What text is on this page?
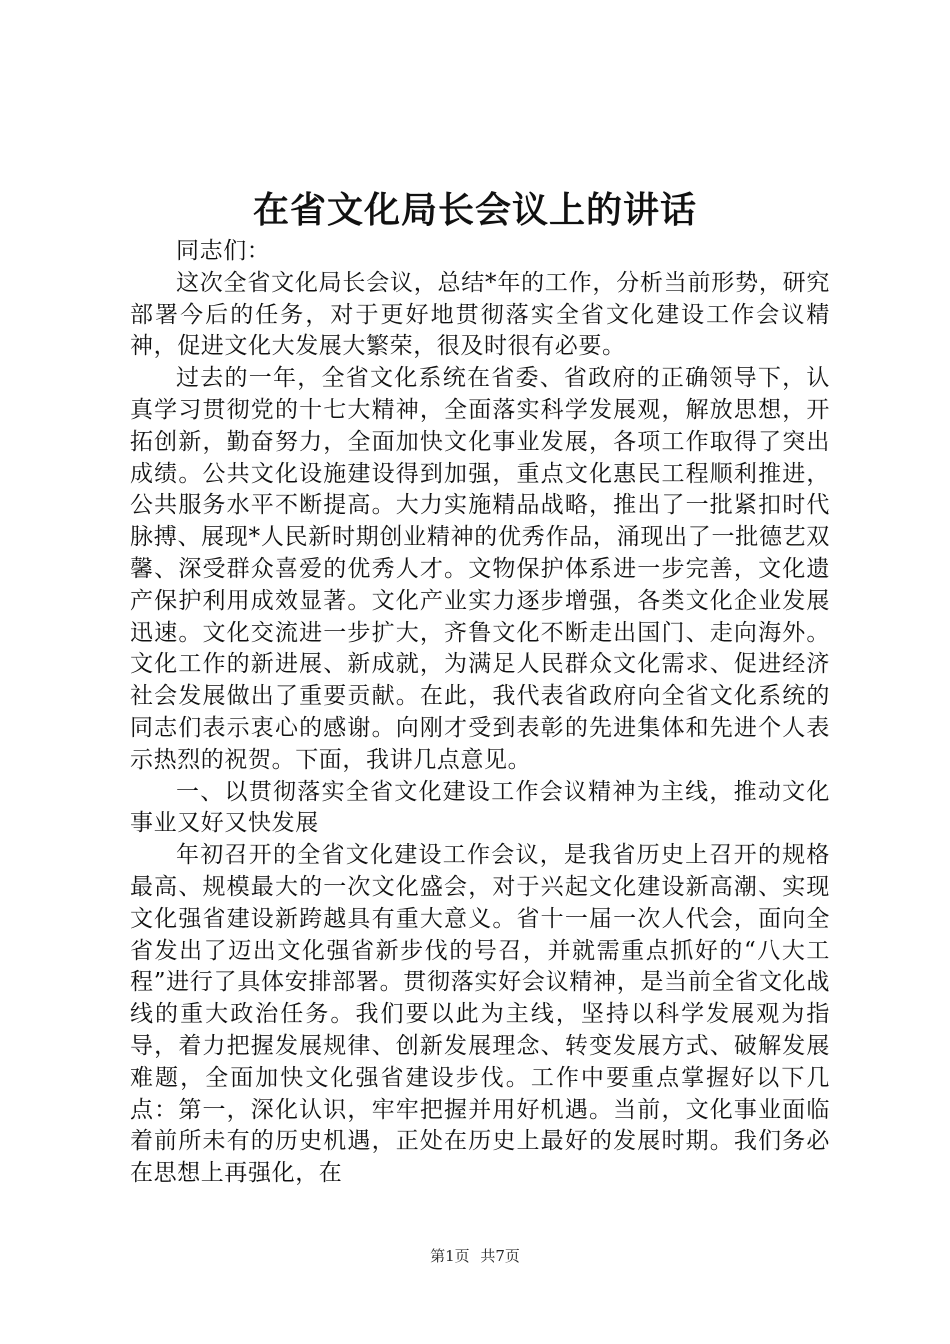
在省文化局长会议上的讲话

同志们：

这次全省文化局长会议，总结*年的工作，分析当前形势，研究部署今后的任务，对于更好地贯彻落实全省文化建设工作会议精神，促进文化大发展大繁荣，很及时很有必要。

过去的一年，全省文化系统在省委、省政府的正确领导下，认真学习贯彻党的十七大精神，全面落实科学发展观，解放思想，开拓创新，勤奋努力，全面加快文化事业发展，各项工作取得了突出成绩。公共文化设施建设得到加强，重点文化惠民工程顺利推进，公共服务水平不断提高。大力实施精品战略，推出了一批紧扣时代脉搏、展现*人民新时期创业精神的优秀作品，涌现出了一批德艺双馨、深受群众喜爱的优秀人才。文物保护体系进一步完善，文化遗产保护利用成效显著。文化产业实力逐步增强，各类文化企业发展迅速。文化交流进一步扩大，齐鲁文化不断走出国门、走向海外。文化工作的新进展、新成就，为满足人民群众文化需求、促进经济社会发展做出了重要贡献。在此，我代表省政府向全省文化系统的同志们表示衷心的感谢。向刚才受到表彰的先进集体和先进个人表示热烈的祝贺。下面，我讲几点意见。

一、以贯彻落实全省文化建设工作会议精神为主线，推动文化事业又好又快发展

年初召开的全省文化建设工作会议，是我省历史上召开的规格最高、规模最大的一次文化盛会，对于兴起文化建设新高潮、实现文化强省建设新跨越具有重大意义。省十一届一次人代会，面向全省发出了迈出文化强省新步伐的号召，并就需重点抓好的“八大工程”进行了具体安排部署。贯彻落实好会议精神，是当前全省文化战线的重大政治任务。我们要以此为主线，坚持以科学发展观为指导，着力把握发展规律、创新发展理念、转变发展方式、破解发展难题，全面加快文化强省建设步伐。工作中要重点掌握好以下几点：第一，深化认识，牢牢把握并用好机遇。当前，文化事业面临着前所未有的历史机遇，正处在历史上最好的发展时期。我们务必在思想上再强化，在

第1页 共7页
